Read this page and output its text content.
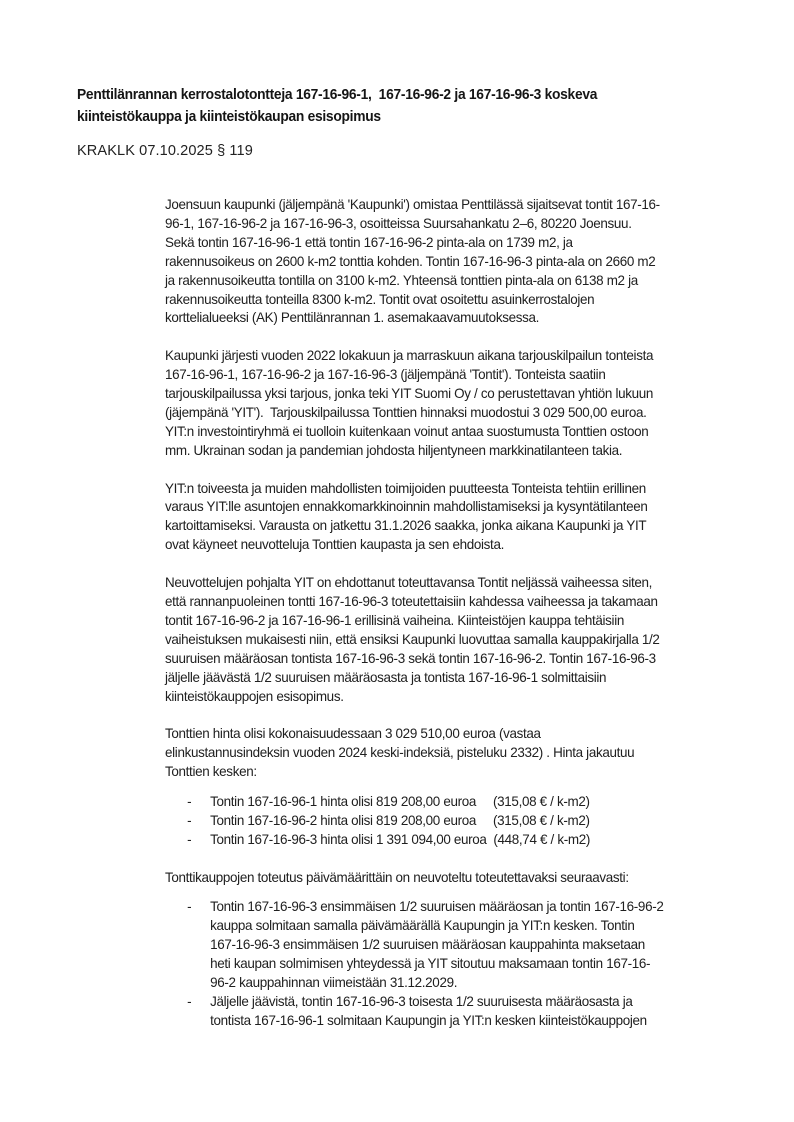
Penttilänrannan kerrostalotontteja 167-16-96-1,  167-16-96-2 ja 167-16-96-3 koskeva
kiinteistökauppa ja kiinteistökaupan esisopimus
KRAKLK 07.10.2025 § 119
Joensuun kaupunki (jäljempänä 'Kaupunki') omistaa Penttilässä sijaitsevat tontit 167-16-
96-1, 167-16-96-2 ja 167-16-96-3, osoitteissa Suursahankatu 2–6, 80220 Joensuu.
Sekä tontin 167-16-96-1 että tontin 167-16-96-2 pinta-ala on 1739 m2, ja
rakennusoikeus on 2600 k-m2 tonttia kohden. Tontin 167-16-96-3 pinta-ala on 2660 m2
ja rakennusoikeutta tontilla on 3100 k-m2. Yhteensä tonttien pinta-ala on 6138 m2 ja
rakennusoikeutta tonteilla 8300 k-m2. Tontit ovat osoitettu asuinkerrostalojen
korttelialueeksi (AK) Penttilänrannan 1. asemakaavamuutoksessa.
Kaupunki järjesti vuoden 2022 lokakuun ja marraskuun aikana tarjouskilpailun tonteista
167-16-96-1, 167-16-96-2 ja 167-16-96-3 (jäljempänä 'Tontit'). Tonteista saatiin
tarjouskilpailussa yksi tarjous, jonka teki YIT Suomi Oy / co perustettavan yhtiön lukuun
(jäjempänä 'YIT').  Tarjouskilpailussa Tonttien hinnaksi muodostui 3 029 500,00 euroa.
YIT:n investointiryhmä ei tuolloin kuitenkaan voinut antaa suostumusta Tonttien ostoon
mm. Ukrainan sodan ja pandemian johdosta hiljentyneen markkinatilanteen takia.
YIT:n toiveesta ja muiden mahdollisten toimijoiden puutteesta Tonteista tehtiin erillinen
varaus YIT:lle asuntojen ennakkomarkkinoinnin mahdollistamiseksi ja kysyntätilanteen
kartoittamiseksi. Varausta on jatkettu 31.1.2026 saakka, jonka aikana Kaupunki ja YIT
ovat käyneet neuvotteluja Tonttien kaupasta ja sen ehdoista.
Neuvottelujen pohjalta YIT on ehdottanut toteuttavansa Tontit neljässä vaiheessa siten,
että rannanpuoleinen tontti 167-16-96-3 toteutettaisiin kahdessa vaiheessa ja takamaan
tontit 167-16-96-2 ja 167-16-96-1 erillisinä vaiheina. Kiinteistöjen kauppa tehtäisiin
vaiheistuksen mukaisesti niin, että ensiksi Kaupunki luovuttaa samalla kauppakirjalla 1/2
suuruisen määräosan tontista 167-16-96-3 sekä tontin 167-16-96-2. Tontin 167-16-96-3
jäljelle jäävästä 1/2 suuruisen määräosasta ja tontista 167-16-96-1 solmittaisiin
kiinteistökauppojen esisopimus.
Tonttien hinta olisi kokonaisuudessaan 3 029 510,00 euroa (vastaa
elinkustannusindeksin vuoden 2024 keski-indeksiä, pisteluku 2332) . Hinta jakautuu
Tonttien kesken:
-	Tontin 167-16-96-1 hinta olisi 819 208,00 euroa     (315,08 € / k-m2)
-	Tontin 167-16-96-2 hinta olisi 819 208,00 euroa     (315,08 € / k-m2)
-	Tontin 167-16-96-3 hinta olisi 1 391 094,00 euroa  (448,74 € / k-m2)
Tonttikauppojen toteutus päivämäärittäin on neuvoteltu toteutettavaksi seuraavasti:
-	Tontin 167-16-96-3 ensimmäisen 1/2 suuruisen määräosan ja tontin 167-16-96-2
kauppa solmitaan samalla päivämäärällä Kaupungin ja YIT:n kesken. Tontin
167-16-96-3 ensimmäisen 1/2 suuruisen määräosan kauppahinta maksetaan
heti kaupan solmimisen yhteydessä ja YIT sitoutuu maksamaan tontin 167-16-
96-2 kauppahinnan viimeistään 31.12.2029.
-	Jäljelle jäävistä, tontin 167-16-96-3 toisesta 1/2 suuruisesta määräosasta ja
tontista 167-16-96-1 solmitaan Kaupungin ja YIT:n kesken kiinteistökauppojen
